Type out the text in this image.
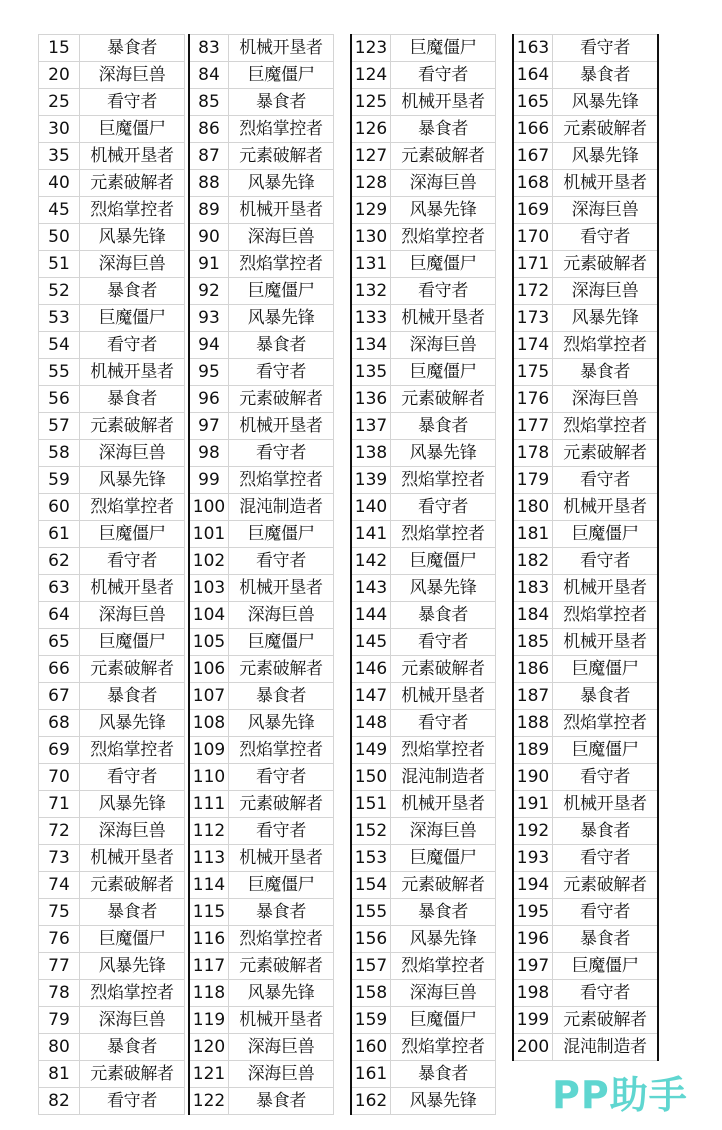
15	暴食者
20	深海巨兽
25	看守者
30	巨魔僵尸
35	机械开垦者
40	元素破解者
45	烈焰掌控者
50	风暴先锋
51	深海巨兽
52	暴食者
53	巨魔僵尸
54	看守者
55	机械开垦者
56	暴食者
57	元素破解者
58	深海巨兽
59	风暴先锋
60	烈焰掌控者
61	巨魔僵尸
62	看守者
63	机械开垦者
64	深海巨兽
65	巨魔僵尸
66	元素破解者
67	暴食者
68	风暴先锋
69	烈焰掌控者
70	看守者
71	风暴先锋
72	深海巨兽
73	机械开垦者
74	元素破解者
75	暴食者
76	巨魔僵尸
77	风暴先锋
78	烈焰掌控者
79	深海巨兽
80	暴食者
81	元素破解者
82	看守者
83	机械开垦者
84	巨魔僵尸
85	暴食者
86	烈焰掌控者
87	元素破解者
88	风暴先锋
89	机械开垦者
90	深海巨兽
91	烈焰掌控者
92	巨魔僵尸
93	风暴先锋
94	暴食者
95	看守者
96	元素破解者
97	机械开垦者
98	看守者
99	烈焰掌控者
100	混沌制造者
101	巨魔僵尸
102	看守者
103	机械开垦者
104	深海巨兽
105	巨魔僵尸
106	元素破解者
107	暴食者
108	风暴先锋
109	烈焰掌控者
110	看守者
111	元素破解者
112	看守者
113	机械开垦者
114	巨魔僵尸
115	暴食者
116	烈焰掌控者
117	元素破解者
118	风暴先锋
119	机械开垦者
120	深海巨兽
121	深海巨兽
122	暴食者
123	巨魔僵尸
124	看守者
125	机械开垦者
126	暴食者
127	元素破解者
128	深海巨兽
129	风暴先锋
130	烈焰掌控者
131	巨魔僵尸
132	看守者
133	机械开垦者
134	深海巨兽
135	巨魔僵尸
136	元素破解者
137	暴食者
138	风暴先锋
139	烈焰掌控者
140	看守者
141	烈焰掌控者
142	巨魔僵尸
143	风暴先锋
144	暴食者
145	看守者
146	元素破解者
147	机械开垦者
148	看守者
149	烈焰掌控者
150	混沌制造者
151	机械开垦者
152	深海巨兽
153	巨魔僵尸
154	元素破解者
155	暴食者
156	风暴先锋
157	烈焰掌控者
158	深海巨兽
159	巨魔僵尸
160	烈焰掌控者
161	暴食者
162	风暴先锋
163	看守者
164	暴食者
165	风暴先锋
166	元素破解者
167	风暴先锋
168	机械开垦者
169	深海巨兽
170	看守者
171	元素破解者
172	深海巨兽
173	风暴先锋
174	烈焰掌控者
175	暴食者
176	深海巨兽
177	烈焰掌控者
178	元素破解者
179	看守者
180	机械开垦者
181	巨魔僵尸
182	看守者
183	机械开垦者
184	烈焰掌控者
185	机械开垦者
186	巨魔僵尸
187	暴食者
188	烈焰掌控者
189	巨魔僵尸
190	看守者
191	机械开垦者
192	暴食者
193	看守者
194	元素破解者
195	看守者
196	暴食者
197	巨魔僵尸
198	看守者
199	元素破解者
200	混沌制造者
PP助手
